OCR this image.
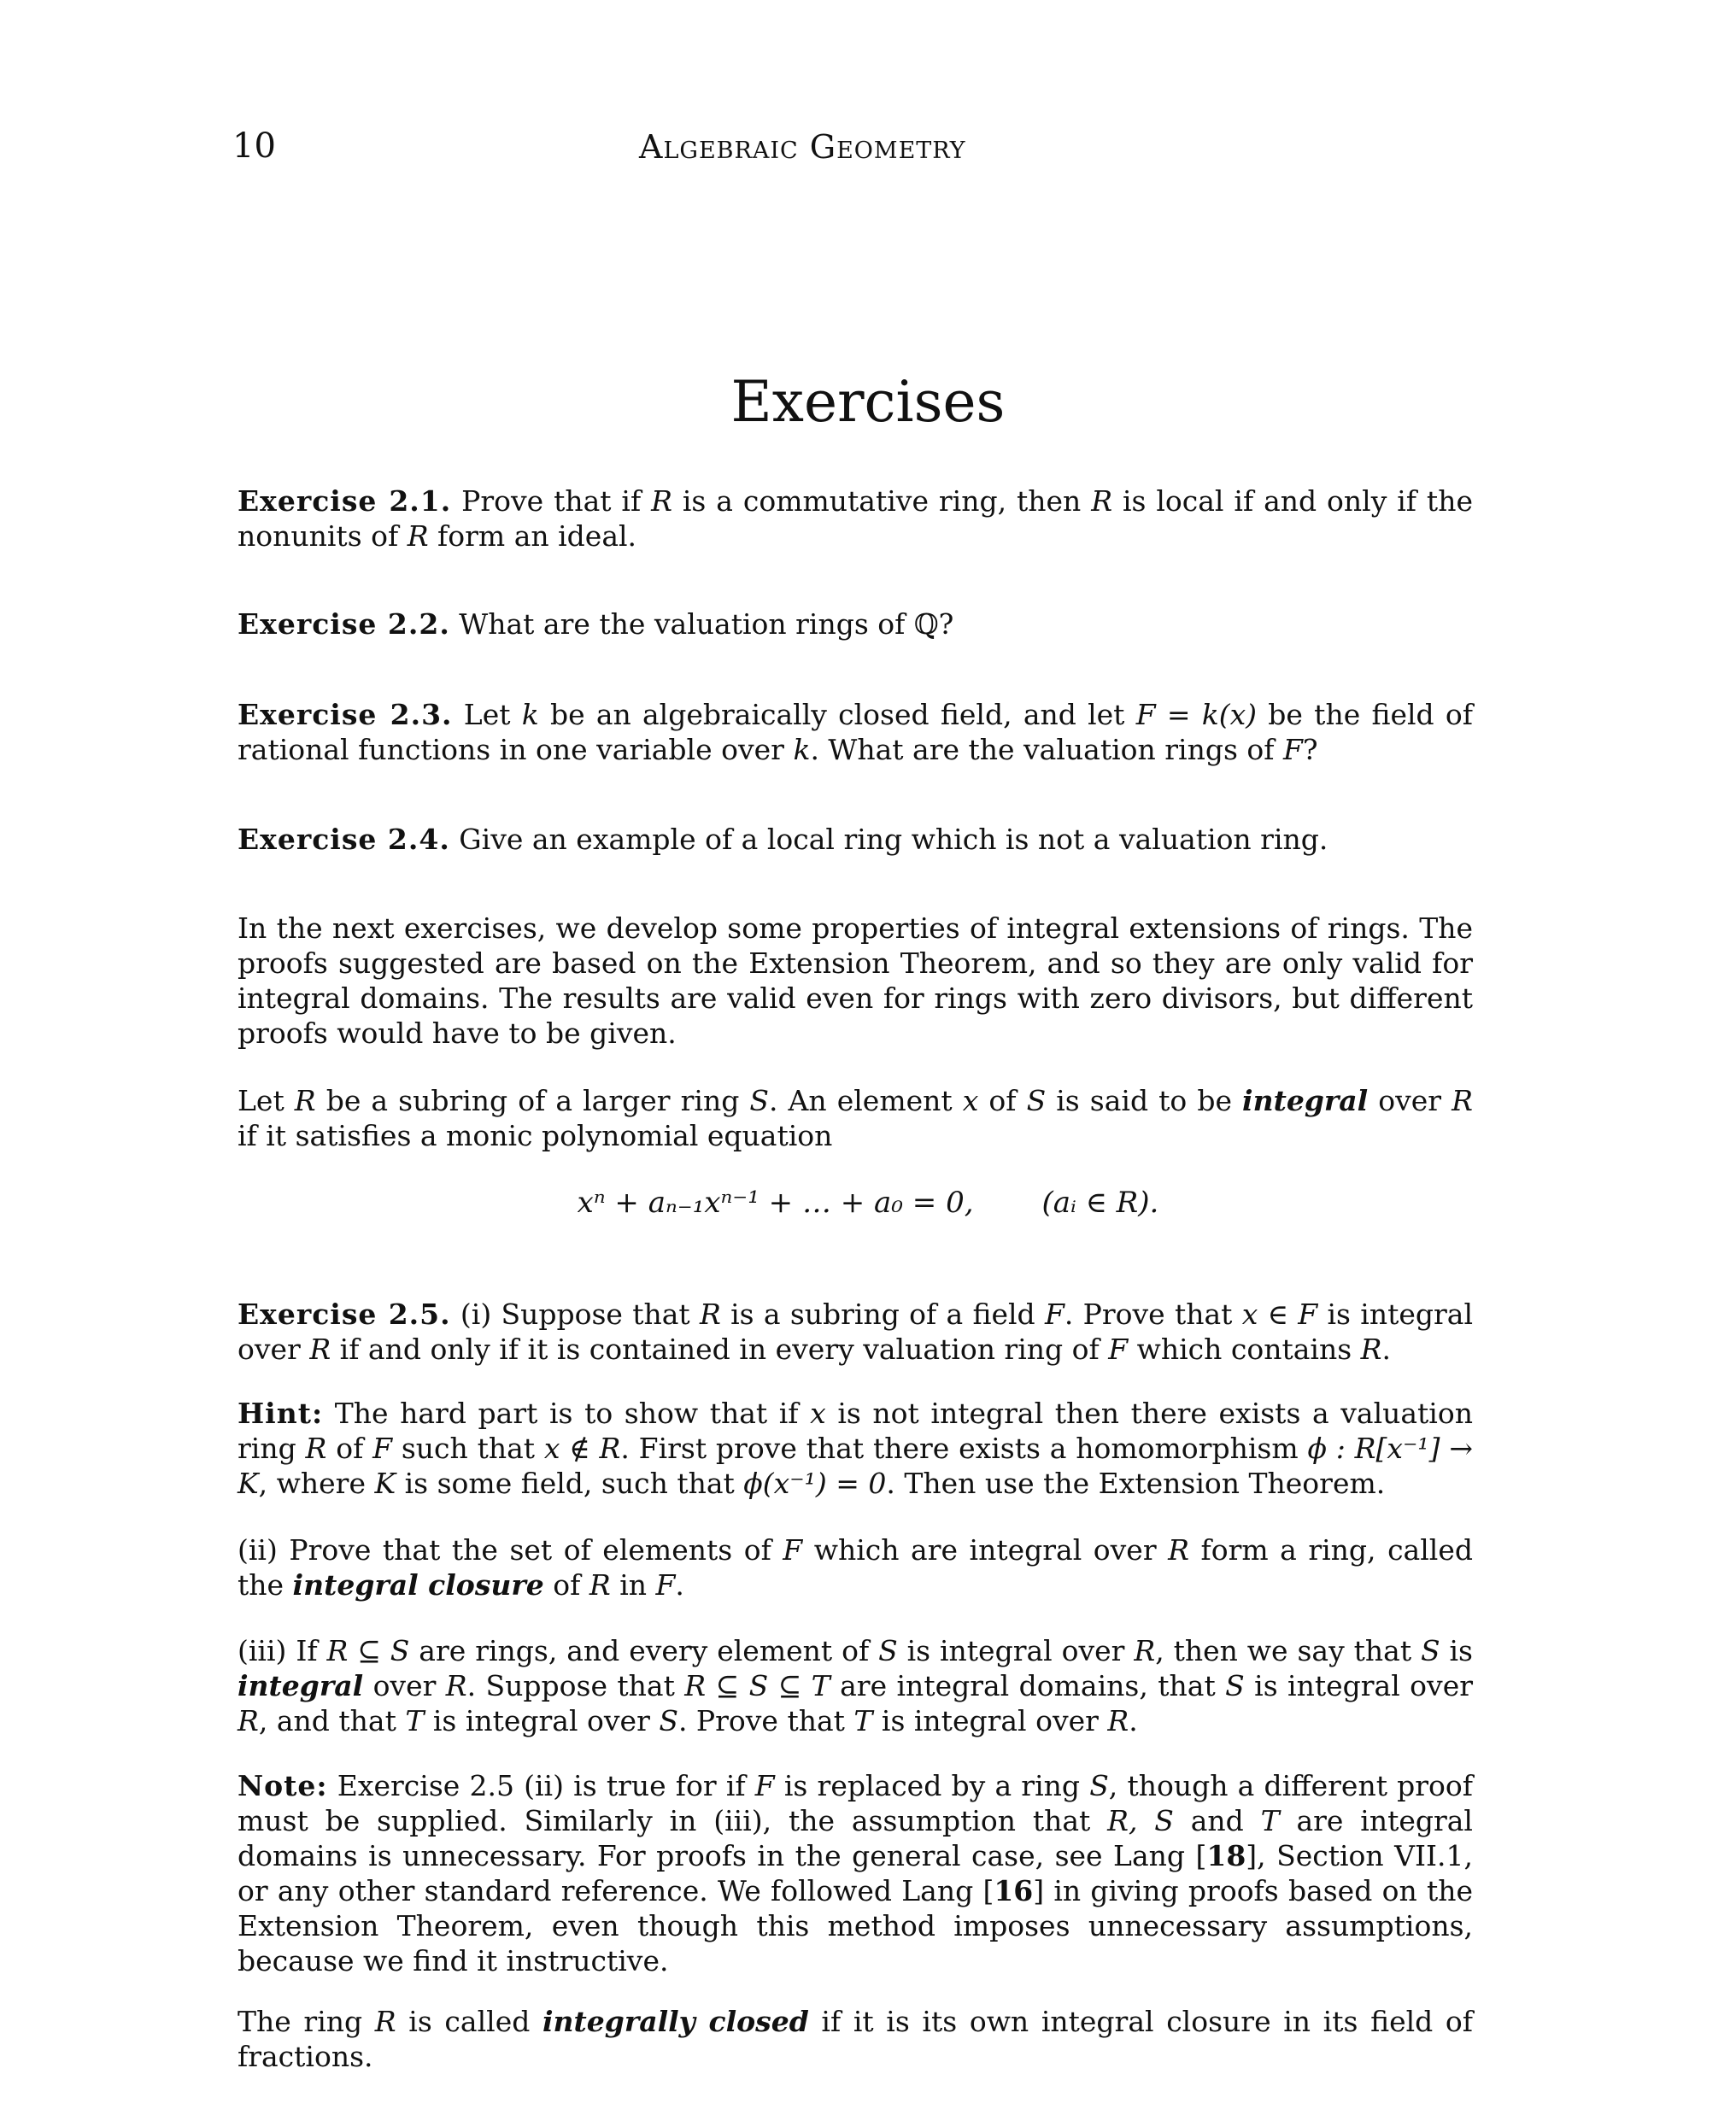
10	Algebraic Geometry
Exercises
Exercise 2.1. Prove that if R is a commutative ring, then R is local if and only if the nonunits of R form an ideal.
Exercise 2.2. What are the valuation rings of ℚ?
Exercise 2.3. Let k be an algebraically closed field, and let F = k(x) be the field of rational functions in one variable over k. What are the valuation rings of F?
Exercise 2.4. Give an example of a local ring which is not a valuation ring.
In the next exercises, we develop some properties of integral extensions of rings. The proofs suggested are based on the Extension Theorem, and so they are only valid for integral domains. The results are valid even for rings with zero divisors, but different proofs would have to be given.
Let R be a subring of a larger ring S. An element x of S is said to be integral over R if it satisfies a monic polynomial equation
xⁿ + aₙ₋₁xⁿ⁻¹ + … + a₀ = 0, (aᵢ ∈ R).
Exercise 2.5. (i) Suppose that R is a subring of a field F. Prove that x ∈ F is integral over R if and only if it is contained in every valuation ring of F which contains R.
Hint: The hard part is to show that if x is not integral then there exists a valuation ring R of F such that x ∉ R. First prove that there exists a homomorphism ϕ : R[x⁻¹] → K, where K is some field, such that ϕ(x⁻¹) = 0. Then use the Extension Theorem.
(ii) Prove that the set of elements of F which are integral over R form a ring, called the integral closure of R in F.
(iii) If R ⊆ S are rings, and every element of S is integral over R, then we say that S is integral over R. Suppose that R ⊆ S ⊆ T are integral domains, that S is integral over R, and that T is integral over S. Prove that T is integral over R.
Note: Exercise 2.5 (ii) is true for if F is replaced by a ring S, though a different proof must be supplied. Similarly in (iii), the assumption that R, S and T are integral domains is unnecessary. For proofs in the general case, see Lang [18], Section VII.1, or any other standard reference. We followed Lang [16] in giving proofs based on the Extension Theorem, even though this method imposes unnecessary assumptions, because we find it instructive.
The ring R is called integrally closed if it is its own integral closure in its field of fractions.
